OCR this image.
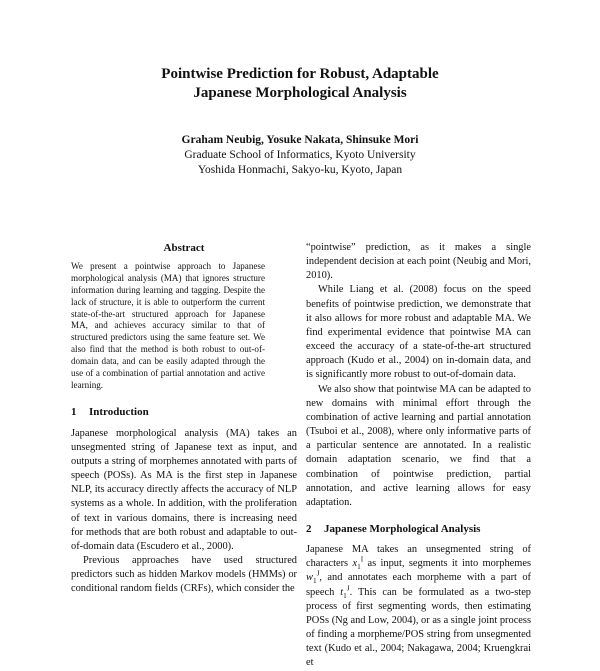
Pointwise Prediction for Robust, Adaptable
Japanese Morphological Analysis
Graham Neubig, Yosuke Nakata, Shinsuke Mori
Graduate School of Informatics, Kyoto University
Yoshida Honmachi, Sakyo-ku, Kyoto, Japan
Abstract

We present a pointwise approach to Japanese morphological analysis (MA) that ignores structure information during learning and tagging. Despite the lack of structure, it is able to outperform the current state-of-the-art structured approach for Japanese MA, and achieves accuracy similar to that of structured predictors using the same feature set. We also find that the method is both robust to out-of-domain data, and can be easily adapted through the use of a combination of partial annotation and active learning.

1	Introduction

Japanese morphological analysis (MA) takes an unsegmented string of Japanese text as input, and outputs a string of morphemes annotated with parts of speech (POSs). As MA is the first step in Japanese NLP, its accuracy directly affects the accuracy of NLP systems as a whole. In addition, with the proliferation of text in various domains, there is increasing need for methods that are both robust and adaptable to out-of-domain data (Escudero et al., 2000).

Previous approaches have used structured predictors such as hidden Markov models (HMMs) or conditional random fields (CRFs), which consider the

“pointwise” prediction, as it makes a single independent decision at each point (Neubig and Mori, 2010).

While Liang et al. (2008) focus on the speed benefits of pointwise prediction, we demonstrate that it also allows for more robust and adaptable MA. We find experimental evidence that pointwise MA can exceed the accuracy of a state-of-the-art structured approach (Kudo et al., 2004) on in-domain data, and is significantly more robust to out-of-domain data.

We also show that pointwise MA can be adapted to new domains with minimal effort through the combination of active learning and partial annotation (Tsuboi et al., 2008), where only informative parts of a particular sentence are annotated. In a realistic domain adaptation scenario, we find that a combination of pointwise prediction, partial annotation, and active learning allows for easy adaptation.

2	Japanese Morphological Analysis

Japanese MA takes an unsegmented string of characters $x_1^I$ as input, segments it into morphemes $w_1^J$, and annotates each morpheme with a part of speech $t_1^J$. This can be formulated as a two-step process of first segmenting words, then estimating POSs (Ng and Low, 2004), or as a single joint process of finding a morpheme/POS string from unsegmented text (Kudo et al., 2004; Nakagawa, 2004; Kruengkrai et
